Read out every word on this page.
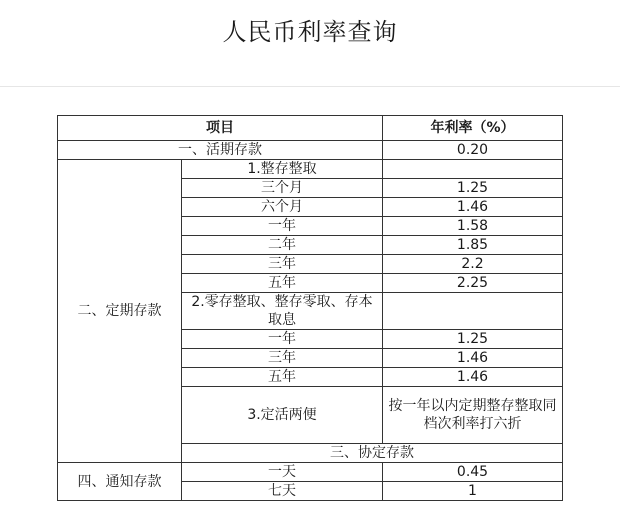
人民币利率查询
项目		年利率（%）	
一、活期存款		0.20	
二、定期存款	1.整存整取		
	三个月	1.25	
	六个月	1.46	
	一年	1.58	
	二年	1.85	
	三年	2.2	
	五年	2.25	
	2.零存整取、整存零取、存本取息		
	一年	1.25	
	三年	1.46	
	五年	1.46	
	3.定活两便	按一年以内定期整存整取同档次利率打六折	
	三、协定存款	
四、通知存款	一天	0.45	
	七天	1	
